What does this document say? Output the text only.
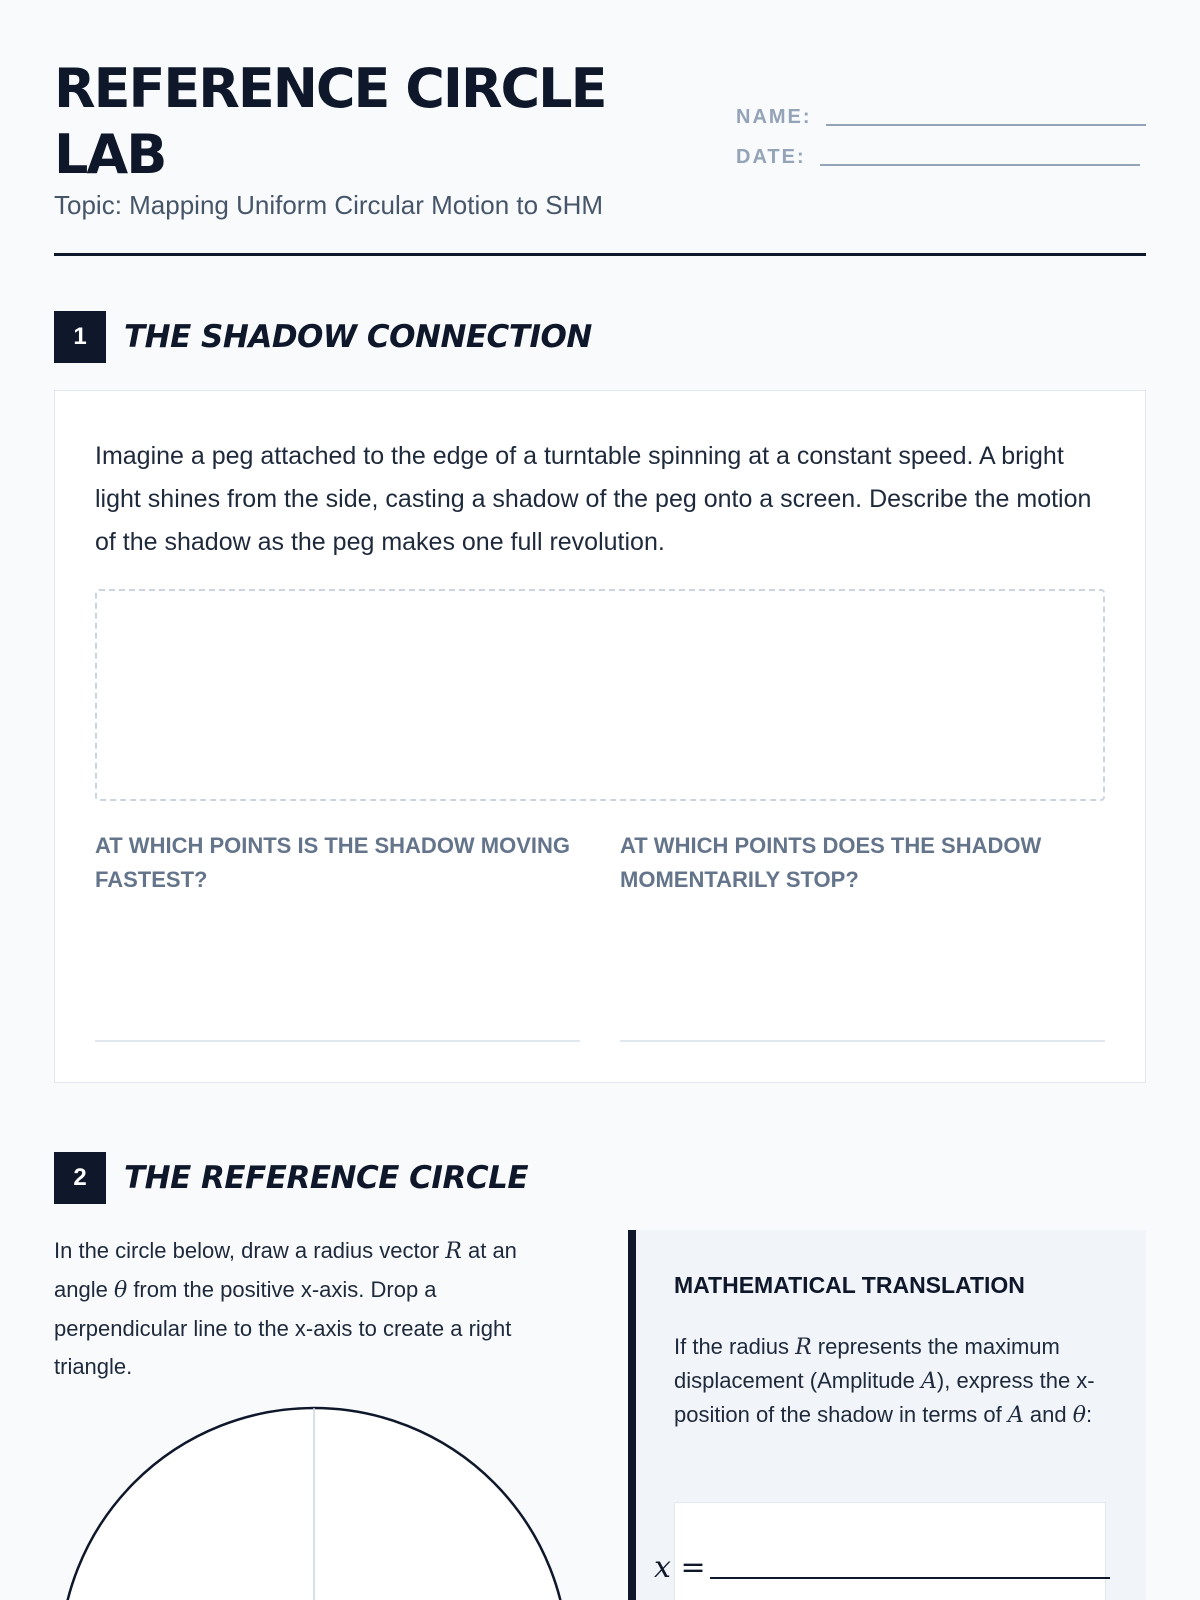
REFERENCE CIRCLE LAB
Topic: Mapping Uniform Circular Motion to SHM
NAME:
DATE:
1	THE SHADOW CONNECTION

Imagine a peg attached to the edge of a turntable spinning at a constant speed. A bright light shines from the side, casting a shadow of the peg onto a screen. Describe the motion of the shadow as the peg makes one full revolution.

AT WHICH POINTS IS THE SHADOW MOVING FASTEST?
AT WHICH POINTS DOES THE SHADOW MOMENTARILY STOP?
2	THE REFERENCE CIRCLE

In the circle below, draw a radius vector R at an angle θ from the positive x-axis. Drop a perpendicular line to the x-axis to create a right triangle.

MATHEMATICAL TRANSLATION

If the radius R represents the maximum displacement (Amplitude A), express the x-position of the shadow in terms of A and θ:

x =
